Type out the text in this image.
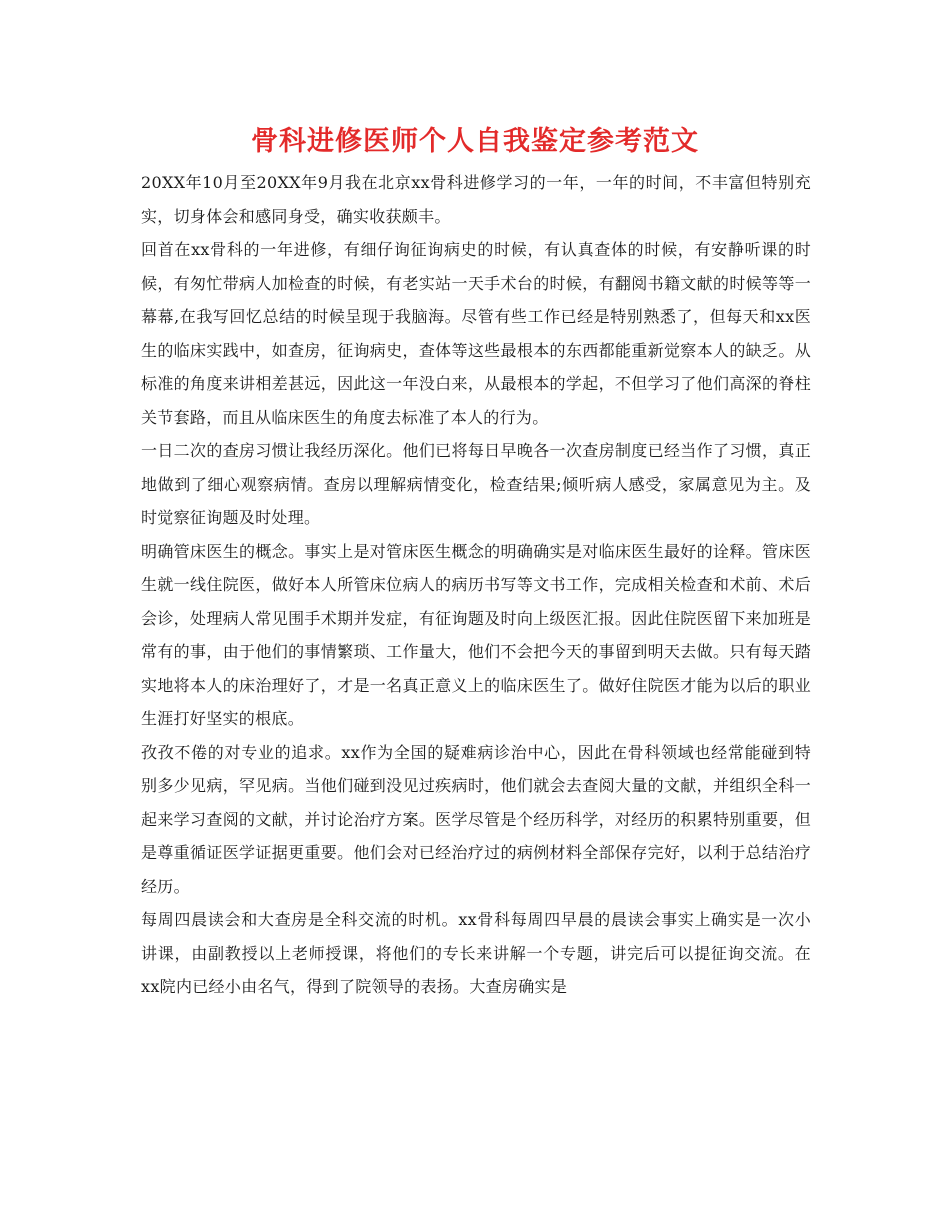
骨科进修医师个人自我鉴定参考范文

20XX年10月至20XX年9月我在北京xx骨科进修学习的一年，一年的时间，不丰富但特别充实，切身体会和感同身受，确实收获颇丰。

回首在xx骨科的一年进修，有细仔询征询病史的时候，有认真查体的时候，有安静听课的时候，有匆忙带病人加检查的时候，有老实站一天手术台的时候，有翻阅书籍文献的时候等等一幕幕,在我写回忆总结的时候呈现于我脑海。尽管有些工作已经是特别熟悉了，但每天和xx医生的临床实践中，如查房，征询病史，查体等这些最根本的东西都能重新觉察本人的缺乏。从标准的角度来讲相差甚远，因此这一年没白来，从最根本的学起，不但学习了他们高深的脊柱关节套路，而且从临床医生的角度去标准了本人的行为。

一日二次的查房习惯让我经历深化。他们已将每日早晚各一次查房制度已经当作了习惯，真正地做到了细心观察病情。查房以理解病情变化，检查结果;倾听病人感受，家属意见为主。及时觉察征询题及时处理。

明确管床医生的概念。事实上是对管床医生概念的明确确实是对临床医生最好的诠释。管床医生就一线住院医，做好本人所管床位病人的病历书写等文书工作，完成相关检查和术前、术后会诊，处理病人常见围手术期并发症，有征询题及时向上级医汇报。因此住院医留下来加班是常有的事，由于他们的事情繁琐、工作量大，他们不会把今天的事留到明天去做。只有每天踏实地将本人的床治理好了，才是一名真正意义上的临床医生了。做好住院医才能为以后的职业生涯打好坚实的根底。

孜孜不倦的对专业的追求。xx作为全国的疑难病诊治中心，因此在骨科领域也经常能碰到特别多少见病，罕见病。当他们碰到没见过疾病时，他们就会去查阅大量的文献，并组织全科一起来学习查阅的文献，并讨论治疗方案。医学尽管是个经历科学，对经历的积累特别重要，但是尊重循证医学证据更重要。他们会对已经治疗过的病例材料全部保存完好，以利于总结治疗经历。

每周四晨读会和大查房是全科交流的时机。xx骨科每周四早晨的晨读会事实上确实是一次小讲课，由副教授以上老师授课，将他们的专长来讲解一个专题，讲完后可以提征询交流。在xx院内已经小由名气，得到了院领导的表扬。大查房确实是
